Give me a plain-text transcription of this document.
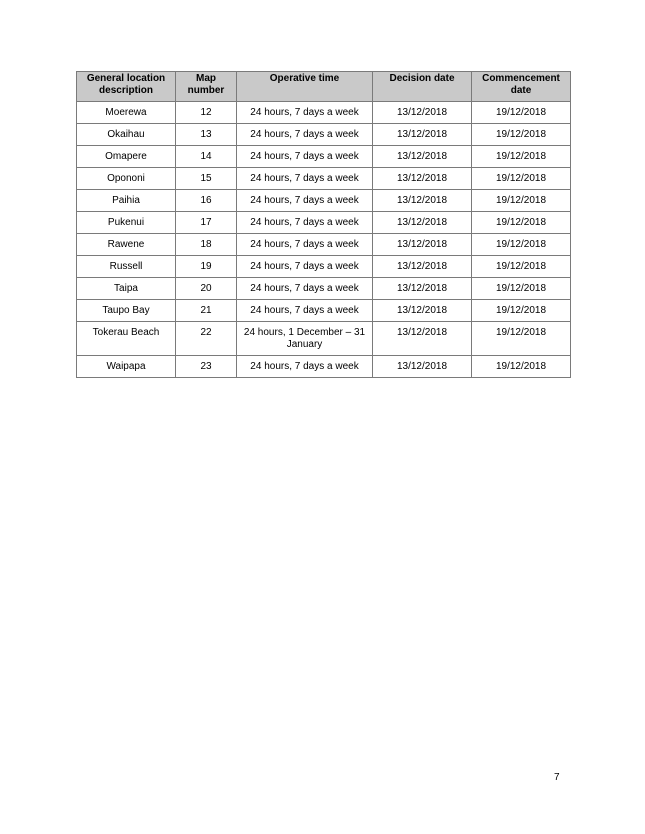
General location description	Map number	Operative time	Decision date	Commencement date
Moerewa	12	24 hours, 7 days a week	13/12/2018	19/12/2018
Okaihau	13	24 hours, 7 days a week	13/12/2018	19/12/2018
Omapere	14	24 hours, 7 days a week	13/12/2018	19/12/2018
Opononi	15	24 hours, 7 days a week	13/12/2018	19/12/2018
Paihia	16	24 hours, 7 days a week	13/12/2018	19/12/2018
Pukenui	17	24 hours, 7 days a week	13/12/2018	19/12/2018
Rawene	18	24 hours, 7 days a week	13/12/2018	19/12/2018
Russell	19	24 hours, 7 days a week	13/12/2018	19/12/2018
Taipa	20	24 hours, 7 days a week	13/12/2018	19/12/2018
Taupo Bay	21	24 hours, 7 days a week	13/12/2018	19/12/2018
Tokerau Beach	22	24 hours, 1 December – 31 January	13/12/2018	19/12/2018
Waipapa	23	24 hours, 7 days a week	13/12/2018	19/12/2018
7
